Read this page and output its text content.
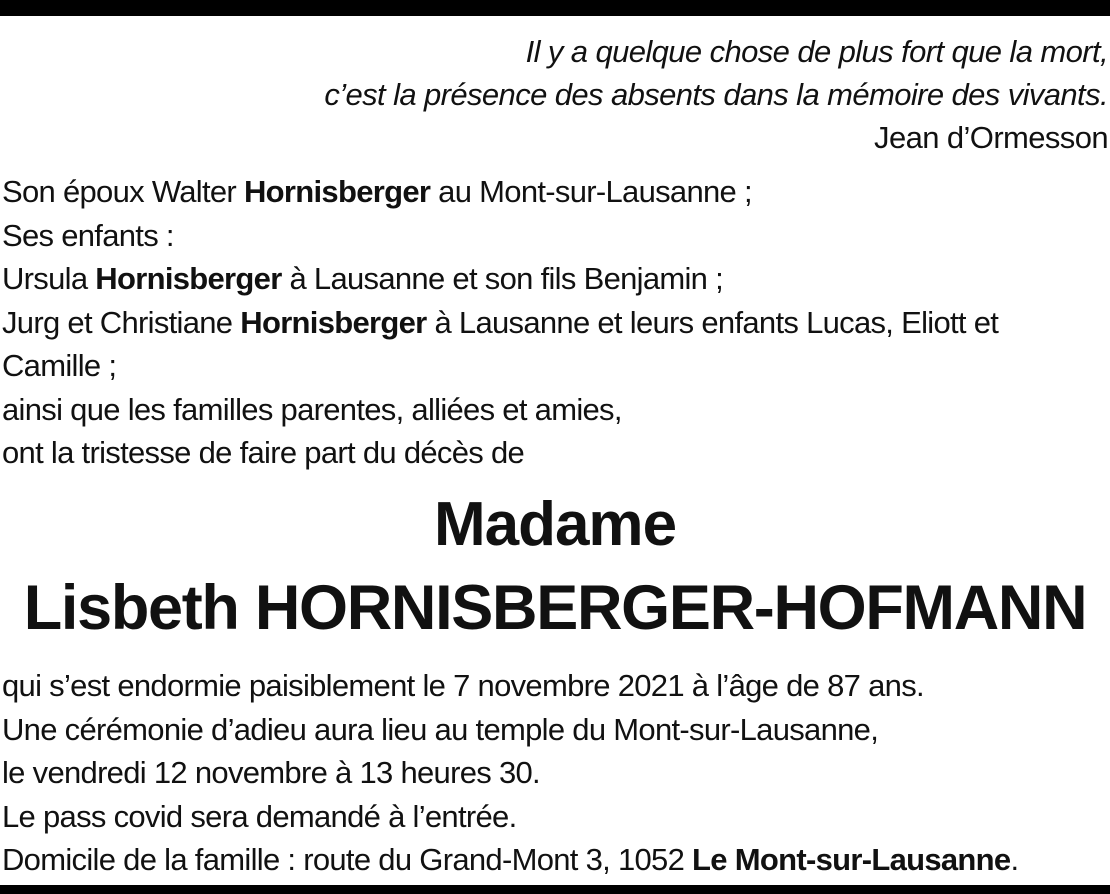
Il y a quelque chose de plus fort que la mort,
c’est la présence des absents dans la mémoire des vivants.
Jean d’Ormesson
Son époux Walter Hornisberger au Mont-sur-Lausanne ;
Ses enfants :
Ursula Hornisberger à Lausanne et son fils Benjamin ;
Jurg et Christiane Hornisberger à Lausanne et leurs enfants Lucas, Eliott et
Camille ;
ainsi que les familles parentes, alliées et amies,
ont la tristesse de faire part du décès de
Madame
Lisbeth HORNISBERGER-HOFMANN
qui s’est endormie paisiblement le 7 novembre 2021 à l’âge de 87 ans.
Une cérémonie d’adieu aura lieu au temple du Mont-sur-Lausanne,
le vendredi 12 novembre à 13 heures 30.
Le pass covid sera demandé à l’entrée.
Domicile de la famille : route du Grand-Mont 3, 1052 Le Mont-sur-Lausanne.
